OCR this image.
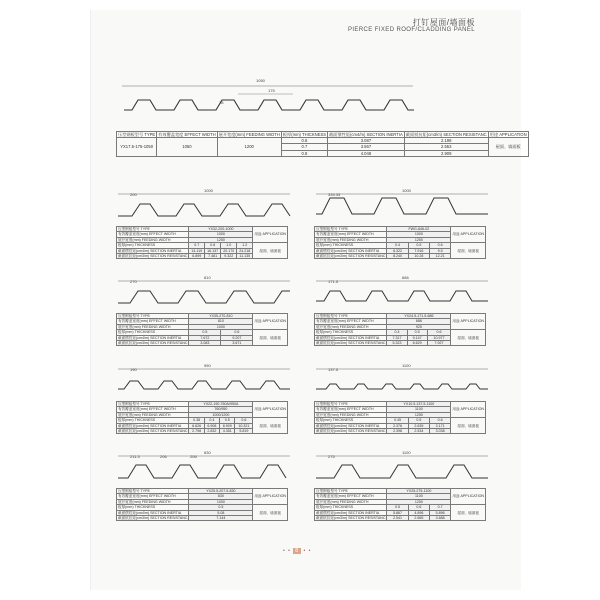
打钉屋面/墙面板
PIERCE FIXED ROOF/CLADDING PANEL
1050
175
18
压型钢板型号 TYPE	有效覆盖宽度 EFFECT WIDTH	展开宽度(mm) FEEDING WIDTH	板厚(mm) THICKNESS	截面惯性矩(cm4/m) SECTION INERTIA	截面抵抗矩(cm3/m) SECTION RESISTANC	用途 APPLICATION
YX17.5-175-1050	1050	1200	0.6	3.087	2.198	屋面、墙面板
			0.7	3.567	2.553	
			0.8	4.048	2.909	
200
1000
压型钢板型号 TYPE	YX32-200-1000				用途 APPLICATION
有效覆盖宽度(mm) EFFECT WIDTH	1000				
展开宽度(mm) FEEDING WIDTH	1250				
板厚(mm) THICKNESS	0.7	0.8	1.0	1.2	屋面、墙面板
截面惯性矩(cm4/m) SECTION INERTIA	14.119	16.137	20.170	24.218	
截面抵抗矩(cm3/m) SECTION RESISTANC	6.899	7.481	9.322	11.135	
333.33
1000
压型钢板型号 TYPE	FWG-846-02			用途 APPLICATION
有效覆盖宽度(mm) EFFECT WIDTH	1000			
展开宽度(mm) FEEDING WIDTH	1250			
板厚(mm) THICKNESS	0.4	0.5	0.6	屋面、墙面板
截面惯性矩(cm4/m) SECTION INERTIA	6.322	7.916	9.5	
截面抵抗矩(cm3/m) SECTION RESISTANC	8.240	10.28	12.21	
270
810
压型钢板型号 TYPE	YX35-270-810		用途 APPLICATION
有效覆盖宽度(mm) EFFECT WIDTH	810		
展开宽度(mm) FEEDING WIDTH	1000		
板厚(mm) THICKNESS	0.5	0.6	屋面、墙面板
截面惯性矩(cm4/m) SECTION INERTIA	7.672	9.207	
截面抵抗矩(cm3/m) SECTION RESISTANC	3.083	3.671	
171.5
686
压型钢板型号 TYPE	YX24.5-171.5-686			用途 APPLICATION
有效覆盖宽度(mm) EFFECT WIDTH	686			
展开宽度(mm) FEEDING WIDTH	925			
板厚(mm) THICKNESS	0.4	0.5	0.6	屋面、墙面板
截面惯性矩(cm4/m) SECTION INERTIA	7.317	9.147	10.977	
截面抵抗矩(cm3/m) SECTION RESISTANC	5.323	6.629	7.927	
190
950
压型钢板型号 TYPE	YX22-190-760A/950A				用途 APPLICATION
有效覆盖宽度(mm) EFFECT WIDTH	760/950				
展开宽度(mm) FEEDING WIDTH	1000/1200				
板厚(mm) THICKNESS	0.38	0.4	0.5	0.6	屋面、墙面板
截面惯性矩(cm4/m) SECTION INERTIA	6.626	6.908	8.909	10.321	
截面抵抗矩(cm3/m) SECTION RESISTANC	2.798	2.832	4.351	5.819	
137.5
1100
压型钢板型号 TYPE	YX10.5-137.5-1100			用途 APPLICATION
有效覆盖宽度(mm) EFFECT WIDTH	1100			
展开宽度(mm) FEEDING WIDTH	1250			
板厚(mm) THICKNESS	0.45	0.5	0.6	屋面、墙面板
截面惯性矩(cm4/m) SECTION INERTIA	2.376	2.639	3.171	
截面抵抗矩(cm3/m) SECTION RESISTANC	2.398	2.534	3.038	
211.5	206	206
830
压型钢板型号 TYPE	YX25.5-207.5-830	用途 APPLICATION
有效覆盖宽度(mm) EFFECT WIDTH	830	
展开宽度(mm) FEEDING WIDTH	1000	
板厚(mm) THICKNESS	0.5	屋面、墙面板
截面惯性矩(cm4/m) SECTION INERTIA	5.08	
截面抵抗矩(cm3/m) SECTION RESISTANC	7.144	
275
1100
压型钢板型号 TYPE	YX25-275-1100			用途 APPLICATION
有效覆盖宽度(mm) EFFECT WIDTH	1100			
展开宽度(mm) FEEDING WIDTH	1250			
板厚(mm) THICKNESS	0.5	0.6	0.7	屋面、墙面板
截面惯性矩(cm4/m) SECTION INERTIA	5.867	4.896	5.896	
截面抵抗矩(cm3/m) SECTION RESISTANC	2.541	2.565	3.688	
• • 8 • •
